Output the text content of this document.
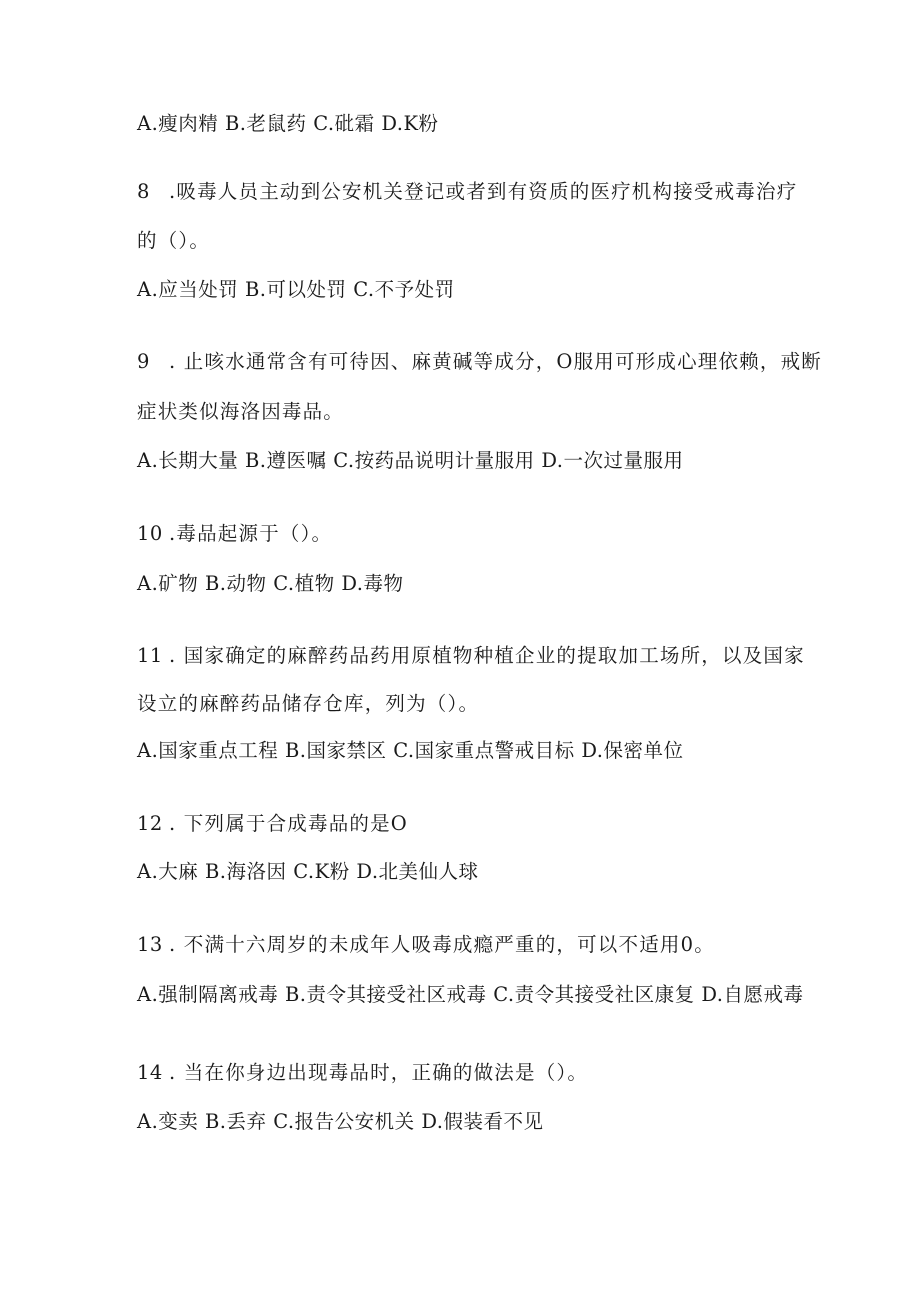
A.瘦肉精 B.老鼠药 C.砒霜 D.K粉
8 .吸毒人员主动到公安机关登记或者到有资质的医疗机构接受戒毒治疗
的（）。
A.应当处罚 B.可以处罚 C.不予处罚
9 . 止咳水通常含有可待因、麻黄碱等成分，O服用可形成心理依赖，戒断
症状类似海洛因毒品。
A.长期大量 B.遵医嘱 C.按药品说明计量服用 D.一次过量服用
10 .毒品起源于（）。
A.矿物 B.动物 C.植物 D.毒物
11 . 国家确定的麻醉药品药用原植物种植企业的提取加工场所，以及国家
设立的麻醉药品储存仓库，列为（）。
A.国家重点工程 B.国家禁区 C.国家重点警戒目标 D.保密单位
12 . 下列属于合成毒品的是O
A.大麻 B.海洛因 C.K粉 D.北美仙人球
13 . 不满十六周岁的未成年人吸毒成瘾严重的，可以不适用0。
A.强制隔离戒毒 B.责令其接受社区戒毒 C.责令其接受社区康复 D.自愿戒毒
14 . 当在你身边出现毒品时，正确的做法是（）。
A.变卖 B.丢弃 C.报告公安机关 D.假装看不见
